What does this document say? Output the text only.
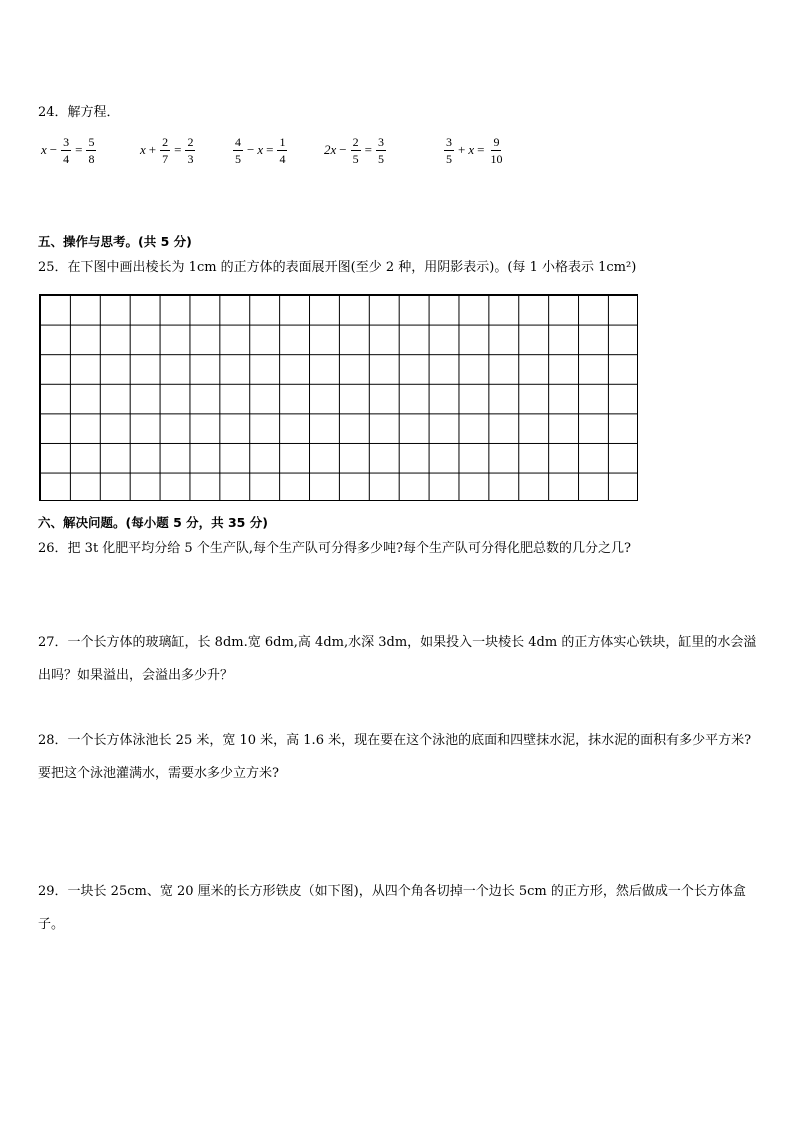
24．解方程．
$x - \frac{3}{4} = \frac{5}{8}$	$x + \frac{2}{7} = \frac{2}{3}$	$\frac{4}{5} - x = \frac{1}{4}$	$2x - \frac{2}{5} = \frac{3}{5}$	$\frac{3}{5} + x = \frac{9}{10}$
五、操作与思考。(共 5 分)
25．在下图中画出棱长为 1cm 的正方体的表面展开图(至少 2 种，用阴影表示)。(每 1 小格表示 1cm²)
六、解决问题。(每小题 5 分，共 35 分)
26．把 3t 化肥平均分给 5 个生产队,每个生产队可分得多少吨?每个生产队可分得化肥总数的几分之几?
27．一个长方体的玻璃缸，长 8dm.宽 6dm,高 4dm,水深 3dm，如果投入一块棱长 4dm 的正方体实心铁块，缸里的水会溢出吗？如果溢出，会溢出多少升？
28．一个长方体泳池长 25 米，宽 10 米，高 1.6 米，现在要在这个泳池的底面和四壁抹水泥，抹水泥的面积有多少平方米?要把这个泳池灌满水，需要水多少立方米?
29．一块长 25cm、宽 20 厘米的长方形铁皮（如下图)，从四个角各切掉一个边长 5cm 的正方形，然后做成一个长方体盒子。
